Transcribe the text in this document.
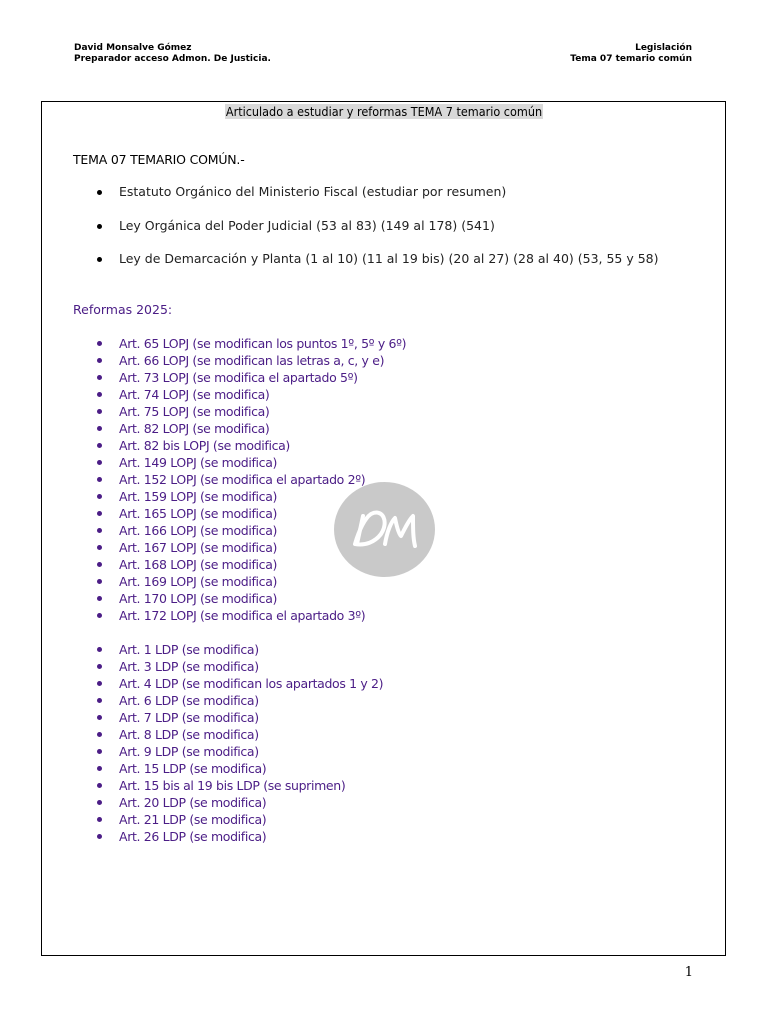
David Monsalve Gómez
Preparador acceso Admon. De Justicia.
Legislación
Tema 07 temario común
Articulado a estudiar y reformas TEMA 7 temario común
TEMA 07 TEMARIO COMÚN.-
Estatuto Orgánico del Ministerio Fiscal (estudiar por resumen)
Ley Orgánica del Poder Judicial (53 al 83) (149 al 178) (541)
Ley de Demarcación y Planta (1 al 10) (11 al 19 bis) (20 al 27) (28 al 40) (53, 55 y 58)
Reformas 2025:
Art. 65 LOPJ (se modifican los puntos 1º, 5º y 6º)
Art. 66 LOPJ (se modifican las letras a, c, y e)
Art. 73 LOPJ (se modifica el apartado 5º)
Art. 74 LOPJ (se modifica)
Art. 75 LOPJ (se modifica)
Art. 82 LOPJ (se modifica)
Art. 82 bis LOPJ (se modifica)
Art. 149 LOPJ (se modifica)
Art. 152 LOPJ (se modifica el apartado 2º)
Art. 159 LOPJ (se modifica)
Art. 165 LOPJ (se modifica)
Art. 166 LOPJ (se modifica)
Art. 167 LOPJ (se modifica)
Art. 168 LOPJ (se modifica)
Art. 169 LOPJ (se modifica)
Art. 170 LOPJ (se modifica)
Art. 172 LOPJ (se modifica el apartado 3º)
Art. 1 LDP (se modifica)
Art. 3 LDP (se modifica)
Art. 4 LDP (se modifican los apartados 1 y 2)
Art. 6 LDP (se modifica)
Art. 7 LDP (se modifica)
Art. 8 LDP (se modifica)
Art. 9 LDP (se modifica)
Art. 15 LDP (se modifica)
Art. 15 bis al 19 bis LDP (se suprimen)
Art. 20 LDP (se modifica)
Art. 21 LDP (se modifica)
Art. 26 LDP (se modifica)
1
